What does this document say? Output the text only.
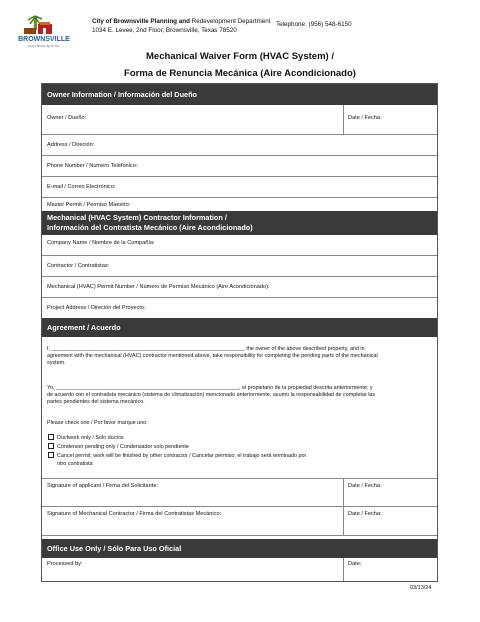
BROWNSVILLE
On the Border. By the Sea.
City of Brownsville Planning and Redevelopment Department
1034 E. Levee, 2nd Floor, Brownsville, Texas 78520
Telephone: (956) 548-6150
Mechanical Waiver Form (HVAC System) /
Forma de Renuncia Mecánica (Aire Acondicionado)
Owner Information / Información del Dueño
Owner / Dueño:	Date / Fecha:
Address / Direción:
Phone Number / Numero Telefónico:
E-mail / Correo Electrónico:
Master Permit / Permiso Maestro:
Mechanical (HVAC System) Contractor Information /
Información del Contratista Mecánico (Aire Acondicionado)
Company Name / Nombre de la Compañía:
Contractor / Contratistas:
Mechanical (HVAC) Permit Number / Número de Permiso Mecánico (Aire Acondicionado):
Project Address / Direción del Proyecto:
Agreement / Acuerdo
I, ________________________________________________________________, the owner of the above described property, and in
agreement with the mechanical (HVAC) contractor mentioned above, take responsibility for completing the pending parts of the mechanical
system.
Yo, _____________________________________________________________, el propietario de la propiedad descrita anteriormente; y
de acuerdo con el contratista mecánico (sistema de climatización) mencionado anteriormente, asumo la responsabilidad de completar las
partes pendientes del sistema mecánico.
Please check one / Por favor marque uno:
Ductwork only / Solo ductos
Condenser pending only / Condensador solo pendiente
Cancel permit; work will be finished by other contractor / Cancelar permiso; el trabajo será terminado por
otro contratista
Signature of applicant / Firma del Solicitante:	Date / Fecha:
Signature of Mechanical Contractor / Firma del Contratistas Mecánico:	Date / Fecha:
Office Use Only / Sólo Para Uso Oficial
Processed by:	Date:
03/13/24
